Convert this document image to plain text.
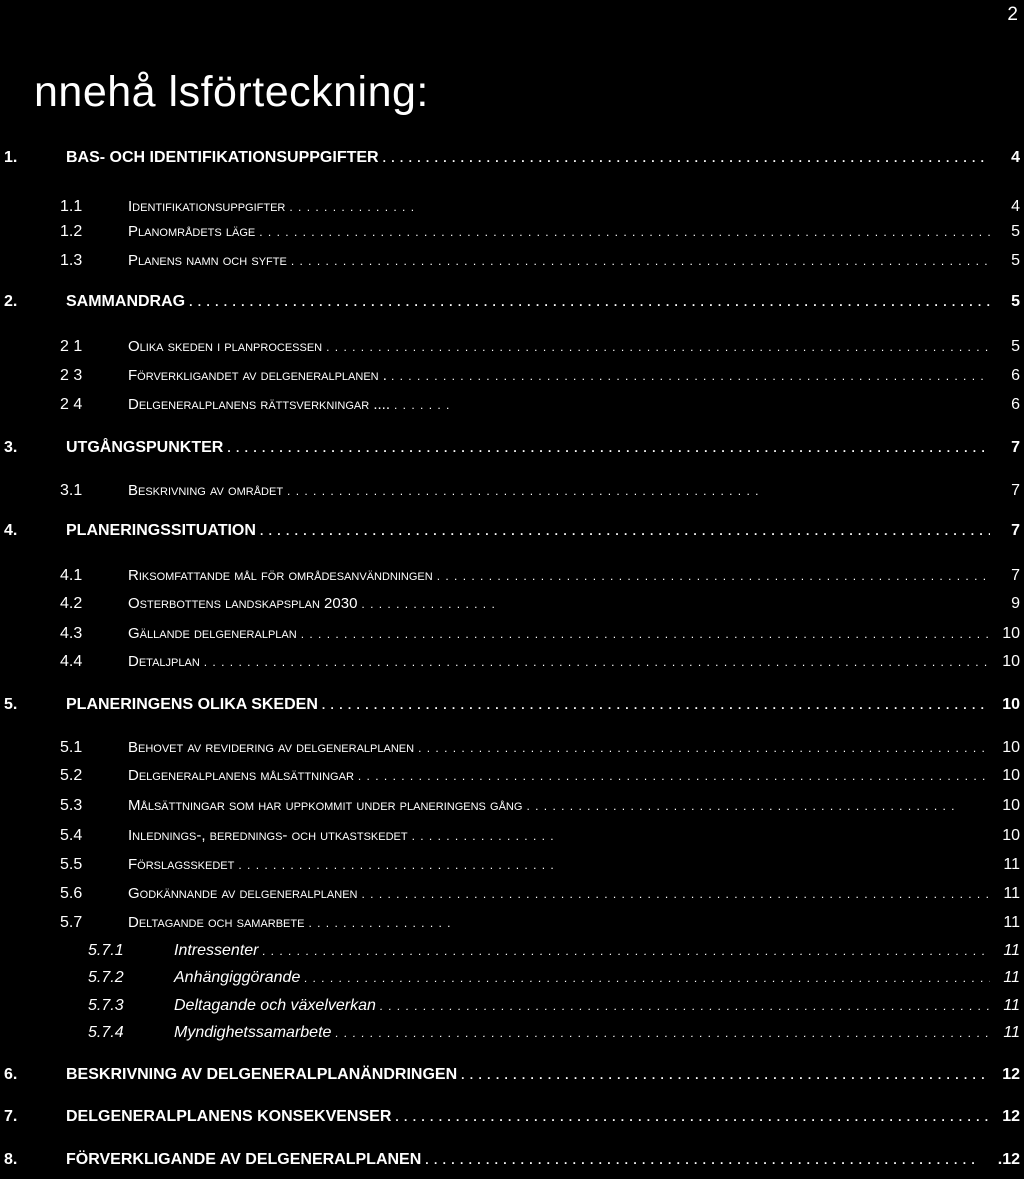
2
nnehå lsförteckning:
1.	BAS- OCH IDENTIFIKATIONSUPPGIFTER . . .	4
1.1	Identifikationsuppgifter . . .	4
1.2	Planområdets läge . . .	5
1.3	Planens namn och syfte . . .	5
2.	SAMMANDRAG . . .	5
2 1	Olika skeden i planprocessen . . .	5
2 3	Förverkligandet av delgeneralplanen . . . .	6
2 4	Delgeneralplanens rättsverkningar .... . . .	6
3.	UTGÅNGSPUNKTER . . .	7
3.1	Beskrivning av området . . .	7
4.	PLANERINGSSITUATION . . .	7
4.1	Riksomfattande mål för områdesanvändningen . . .	7
4.2	Osterbottens landskapsplan 2030 . . .	9
4.3	Gällande delgeneralplan . . .	10
4.4	Detaljplan . . .	10
5.	PLANERINGENS OLIKA SKEDEN . . .	10
5.1	Behovet av revidering av delgeneralplanen . . .	10
5.2	Delgeneralplanens målsättningar . . .	10
5.3	Målsättningar som har uppkommit under planeringens gång . . .	10
5.4	Inlednings-, berednings- och utkastskedet . . .	10
5.5	Förslagsskedet . . .	11
5.6	Godkännande av delgeneralplanen . . .	11
5.7	Deltagande och samarbete . . .	11
5.7.1	Intressenter . . .	11
5.7.2	Anhängiggörande . . .	11
5.7.3	Deltagande och växelverkan . . .	11
5.7.4	Myndighetssamarbete . . .	11
6.	BESKRIVNING AV DELGENERALPLANÄNDRINGEN . . .	12
7.	DELGENERALPLANENS KONSEKVENSER . . .	12
8.	FÖRVERKLIGANDE AV DELGENERALPLANEN . . .	.12
